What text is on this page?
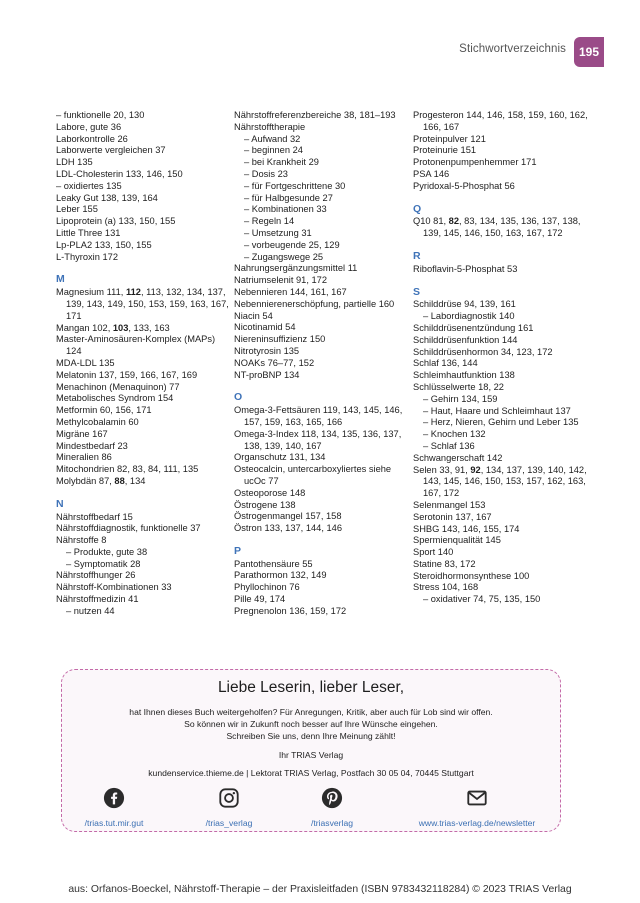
Stichwortverzeichnis	195
– funktionelle 20, 130
Labore, gute 36
Laborkontrolle 26
Laborwerte vergleichen 37
LDH 135
LDL-Cholesterin 133, 146, 150
– oxidiertes 135
Leaky Gut 138, 139, 164
Leber 155
Lipoprotein (a) 133, 150, 155
Little Three 131
Lp-PLA2 133, 150, 155
L-Thyroxin 172
M
Magnesium 111, 112, 113, 132, 134, 137, 139, 143, 149, 150, 153, 159, 163, 167, 171
Mangan 102, 103, 133, 163
Master-Aminosäuren-Komplex (MAPs) 124
MDA-LDL 135
Melatonin 137, 159, 166, 167, 169
Menachinon (Menaquinon) 77
Metabolisches Syndrom 154
Metformin 60, 156, 171
Methylcobalamin 60
Migräne 167
Mindestbedarf 23
Mineralien 86
Mitochondrien 82, 83, 84, 111, 135
Molybdän 87, 88, 134
N
Nährstoffbedarf 15
Nährstoffdiagnostik, funktionelle 37
Nährstoffe 8
– Produkte, gute 38
– Symptomatik 28
Nährstoffhunger 26
Nährstoff-Kombinationen 33
Nährstoffmedizin 41
– nutzen 44
Nährstoffreferenzbereiche 38, 181–193
Nährstofftherapie
– Aufwand 32
– beginnen 24
– bei Krankheit 29
– Dosis 23
– für Fortgeschrittene 30
– für Halbgesunde 27
– Kombinationen 33
– Regeln 14
– Umsetzung 31
– vorbeugende 25, 129
– Zugangswege 25
Nahrungsergänzungsmittel 11
Natriumselenit 91, 172
Nebennieren 144, 161, 167
Nebennierenerschöpfung, partielle 160
Niacin 54
Nicotinamid 54
Niereninsuffizienz 150
Nitrotyrosin 135
NOAKs 76–77, 152
NT-proBNP 134
O
Omega-3-Fettsäuren 119, 143, 145, 146, 157, 159, 163, 165, 166
Omega-3-Index 118, 134, 135, 136, 137, 138, 139, 140, 167
Organschutz 131, 134
Osteocalcin, untercarboxyliertes siehe ucOc 77
Osteoporose 148
Östrogene 138
Östrogenmangel 157, 158
Östron 133, 137, 144, 146
P
Pantothensäure 55
Parathormon 132, 149
Phyllochinon 76
Pille 49, 174
Pregnenolon 136, 159, 172
Progesteron 144, 146, 158, 159, 160, 162, 166, 167
Proteinpulver 121
Proteinurie 151
Protonenpumpenhemmer 171
PSA 146
Pyridoxal-5-Phosphat 56
Q
Q10 81, 82, 83, 134, 135, 136, 137, 138, 139, 145, 146, 150, 163, 167, 172
R
Riboflavin-5-Phosphat 53
S
Schilddrüse 94, 139, 161
– Labordiagnostik 140
Schilddrüsenentzündung 161
Schilddrüsenfunktion 144
Schilddrüsenhormon 34, 123, 172
Schlaf 136, 144
Schleimhautfunktion 138
Schlüsselwerte 18, 22
– Gehirn 134, 159
– Haut, Haare und Schleimhaut 137
– Herz, Nieren, Gehirn und Leber 135
– Knochen 132
– Schlaf 136
Schwangerschaft 142
Selen 33, 91, 92, 134, 137, 139, 140, 142, 143, 145, 146, 150, 153, 157, 162, 163, 167, 172
Selenmangel 153
Serotonin 137, 167
SHBG 143, 146, 155, 174
Spermienqualität 145
Sport 140
Statine 83, 172
Steroidhormonsynthese 100
Stress 104, 168
– oxidativer 74, 75, 135, 150
Liebe Leserin, lieber Leser,
hat Ihnen dieses Buch weitergeholfen? Für Anregungen, Kritik, aber auch für Lob sind wir offen.
So können wir in Zukunft noch besser auf Ihre Wünsche eingehen.
Schreiben Sie uns, denn Ihre Meinung zählt!
Ihr TRIAS Verlag
kundenservice.thieme.de | Lektorat TRIAS Verlag, Postfach 30 05 04, 70445 Stuttgart
/trias.tut.mir.gut	/trias_verlag	/triasverlag	www.trias-verlag.de/newsletter
aus: Orfanos-Boeckel, Nährstoff-Therapie – der Praxisleitfaden (ISBN 9783432118284) © 2023 TRIAS Verlag
